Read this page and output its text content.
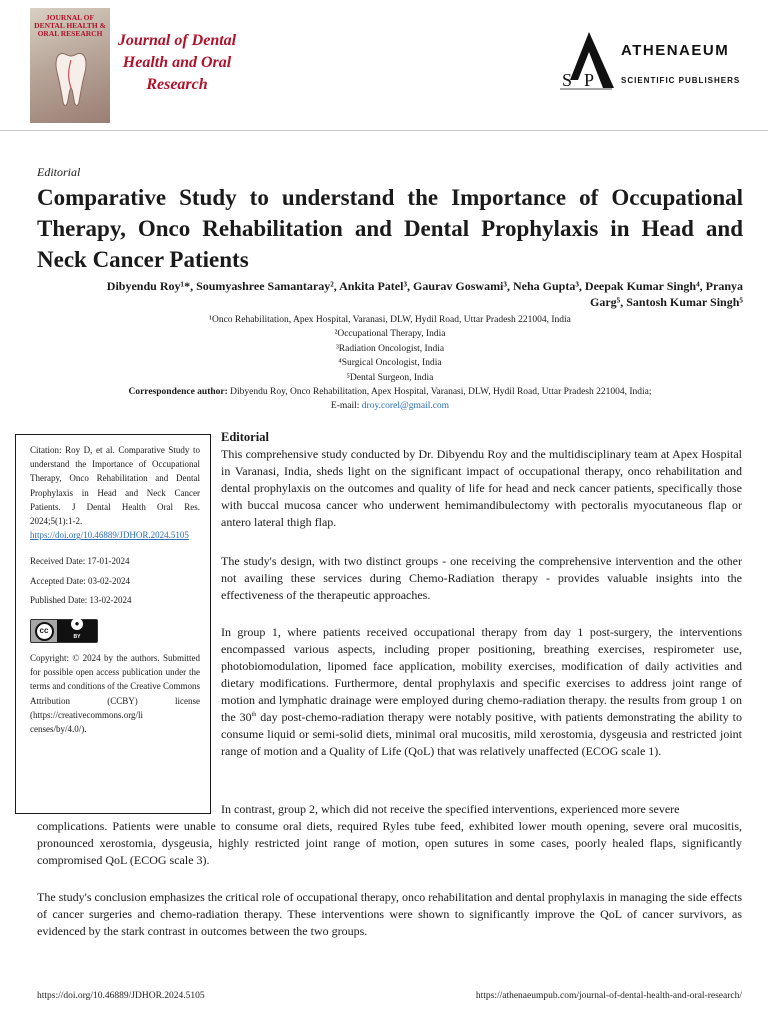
JOURNAL OF DENTAL HEALTH & ORAL RESEARCH Journal of Dental
Health and Oral
Research	S P
ATHENAEUM
SCIENTIFIC PUBLISHERS
Editorial
Comparative Study to understand the Importance of Occupational Therapy, Onco Rehabilitation and Dental Prophylaxis in Head and Neck Cancer Patients
Dibyendu Roy¹*, Soumyashree Samantaray², Ankita Patel³, Gaurav Goswami³, Neha Gupta³, Deepak Kumar Singh⁴, Pranya
Garg⁵, Santosh Kumar Singh⁵
¹Onco Rehabilitation, Apex Hospital, Varanasi, DLW, Hydil Road, Uttar Pradesh 221004, India
²Occupational Therapy, India
³Radiation Oncologist, India
⁴Surgical Oncologist, India
⁵Dental Surgeon, India
Correspondence author: Dibyendu Roy, Onco Rehabilitation, Apex Hospital, Varanasi, DLW, Hydil Road, Uttar Pradesh 221004, India;
E-mail: droy.corel@gmail.com
Citation: Roy D, et al. Comparative Study to understand the Importance of Occupational Therapy, Onco Rehabilitation and Dental Prophylaxis in Head and Neck Cancer Patients. J Dental Health Oral Res. 2024;5(1):1-2.
https://doi.org/10.46889/JDHOR.2024.5105
Received Date: 17-01-2024
Accepted Date: 03-02-2024
Published Date: 13-02-2024
cc
●
BY
Copyright: © 2024 by the authors. Submitted for possible open access publication under the terms and conditions of the Creative Commons Attribution (CCBY) license (https://creativecommons.org/li censes/by/4.0/).
Editorial
This comprehensive study conducted by Dr. Dibyendu Roy and the multidisciplinary team at Apex Hospital in Varanasi, India, sheds light on the significant impact of occupational therapy, onco rehabilitation and dental prophylaxis on the outcomes and quality of life for head and neck cancer patients, specifically those with buccal mucosa cancer who underwent hemimandibulectomy with pectoralis myocutaneous flap or antero lateral thigh flap.
The study's design, with two distinct groups - one receiving the comprehensive intervention and the other not availing these services during Chemo-Radiation therapy - provides valuable insights into the effectiveness of the therapeutic approaches.
In group 1, where patients received occupational therapy from day 1 post-surgery, the interventions encompassed various aspects, including proper positioning, breathing exercises, respirometer use, photobiomodulation, lipomed face application, mobility exercises, modification of daily activities and dietary modifications. Furthermore, dental prophylaxis and specific exercises to address joint range of motion and lymphatic drainage were employed during chemo-radiation therapy. the results from group 1 on the 30th day post-chemo-radiation therapy were notably positive, with patients demonstrating the ability to consume liquid or semi-solid diets, minimal oral mucositis, mild xerostomia, dysgeusia and restricted joint range of motion and a Quality of Life (QoL) that was relatively unaffected (ECOG scale 1).
In contrast, group 2, which did not receive the specified interventions, experienced more severe
complications. Patients were unable to consume oral diets, required Ryles tube feed, exhibited lower mouth opening, severe oral mucositis, pronounced xerostomia, dysgeusia, highly restricted joint range of motion, open sutures in some cases, poorly healed flaps, significantly compromised QoL (ECOG scale 3).
The study's conclusion emphasizes the critical role of occupational therapy, onco rehabilitation and dental prophylaxis in managing the side effects of cancer surgeries and chemo-radiation therapy. These interventions were shown to significantly improve the QoL of cancer survivors, as evidenced by the stark contrast in outcomes between the two groups.
https://doi.org/10.46889/JDHOR.2024.5105	https://athenaeumpub.com/journal-of-dental-health-and-oral-research/
